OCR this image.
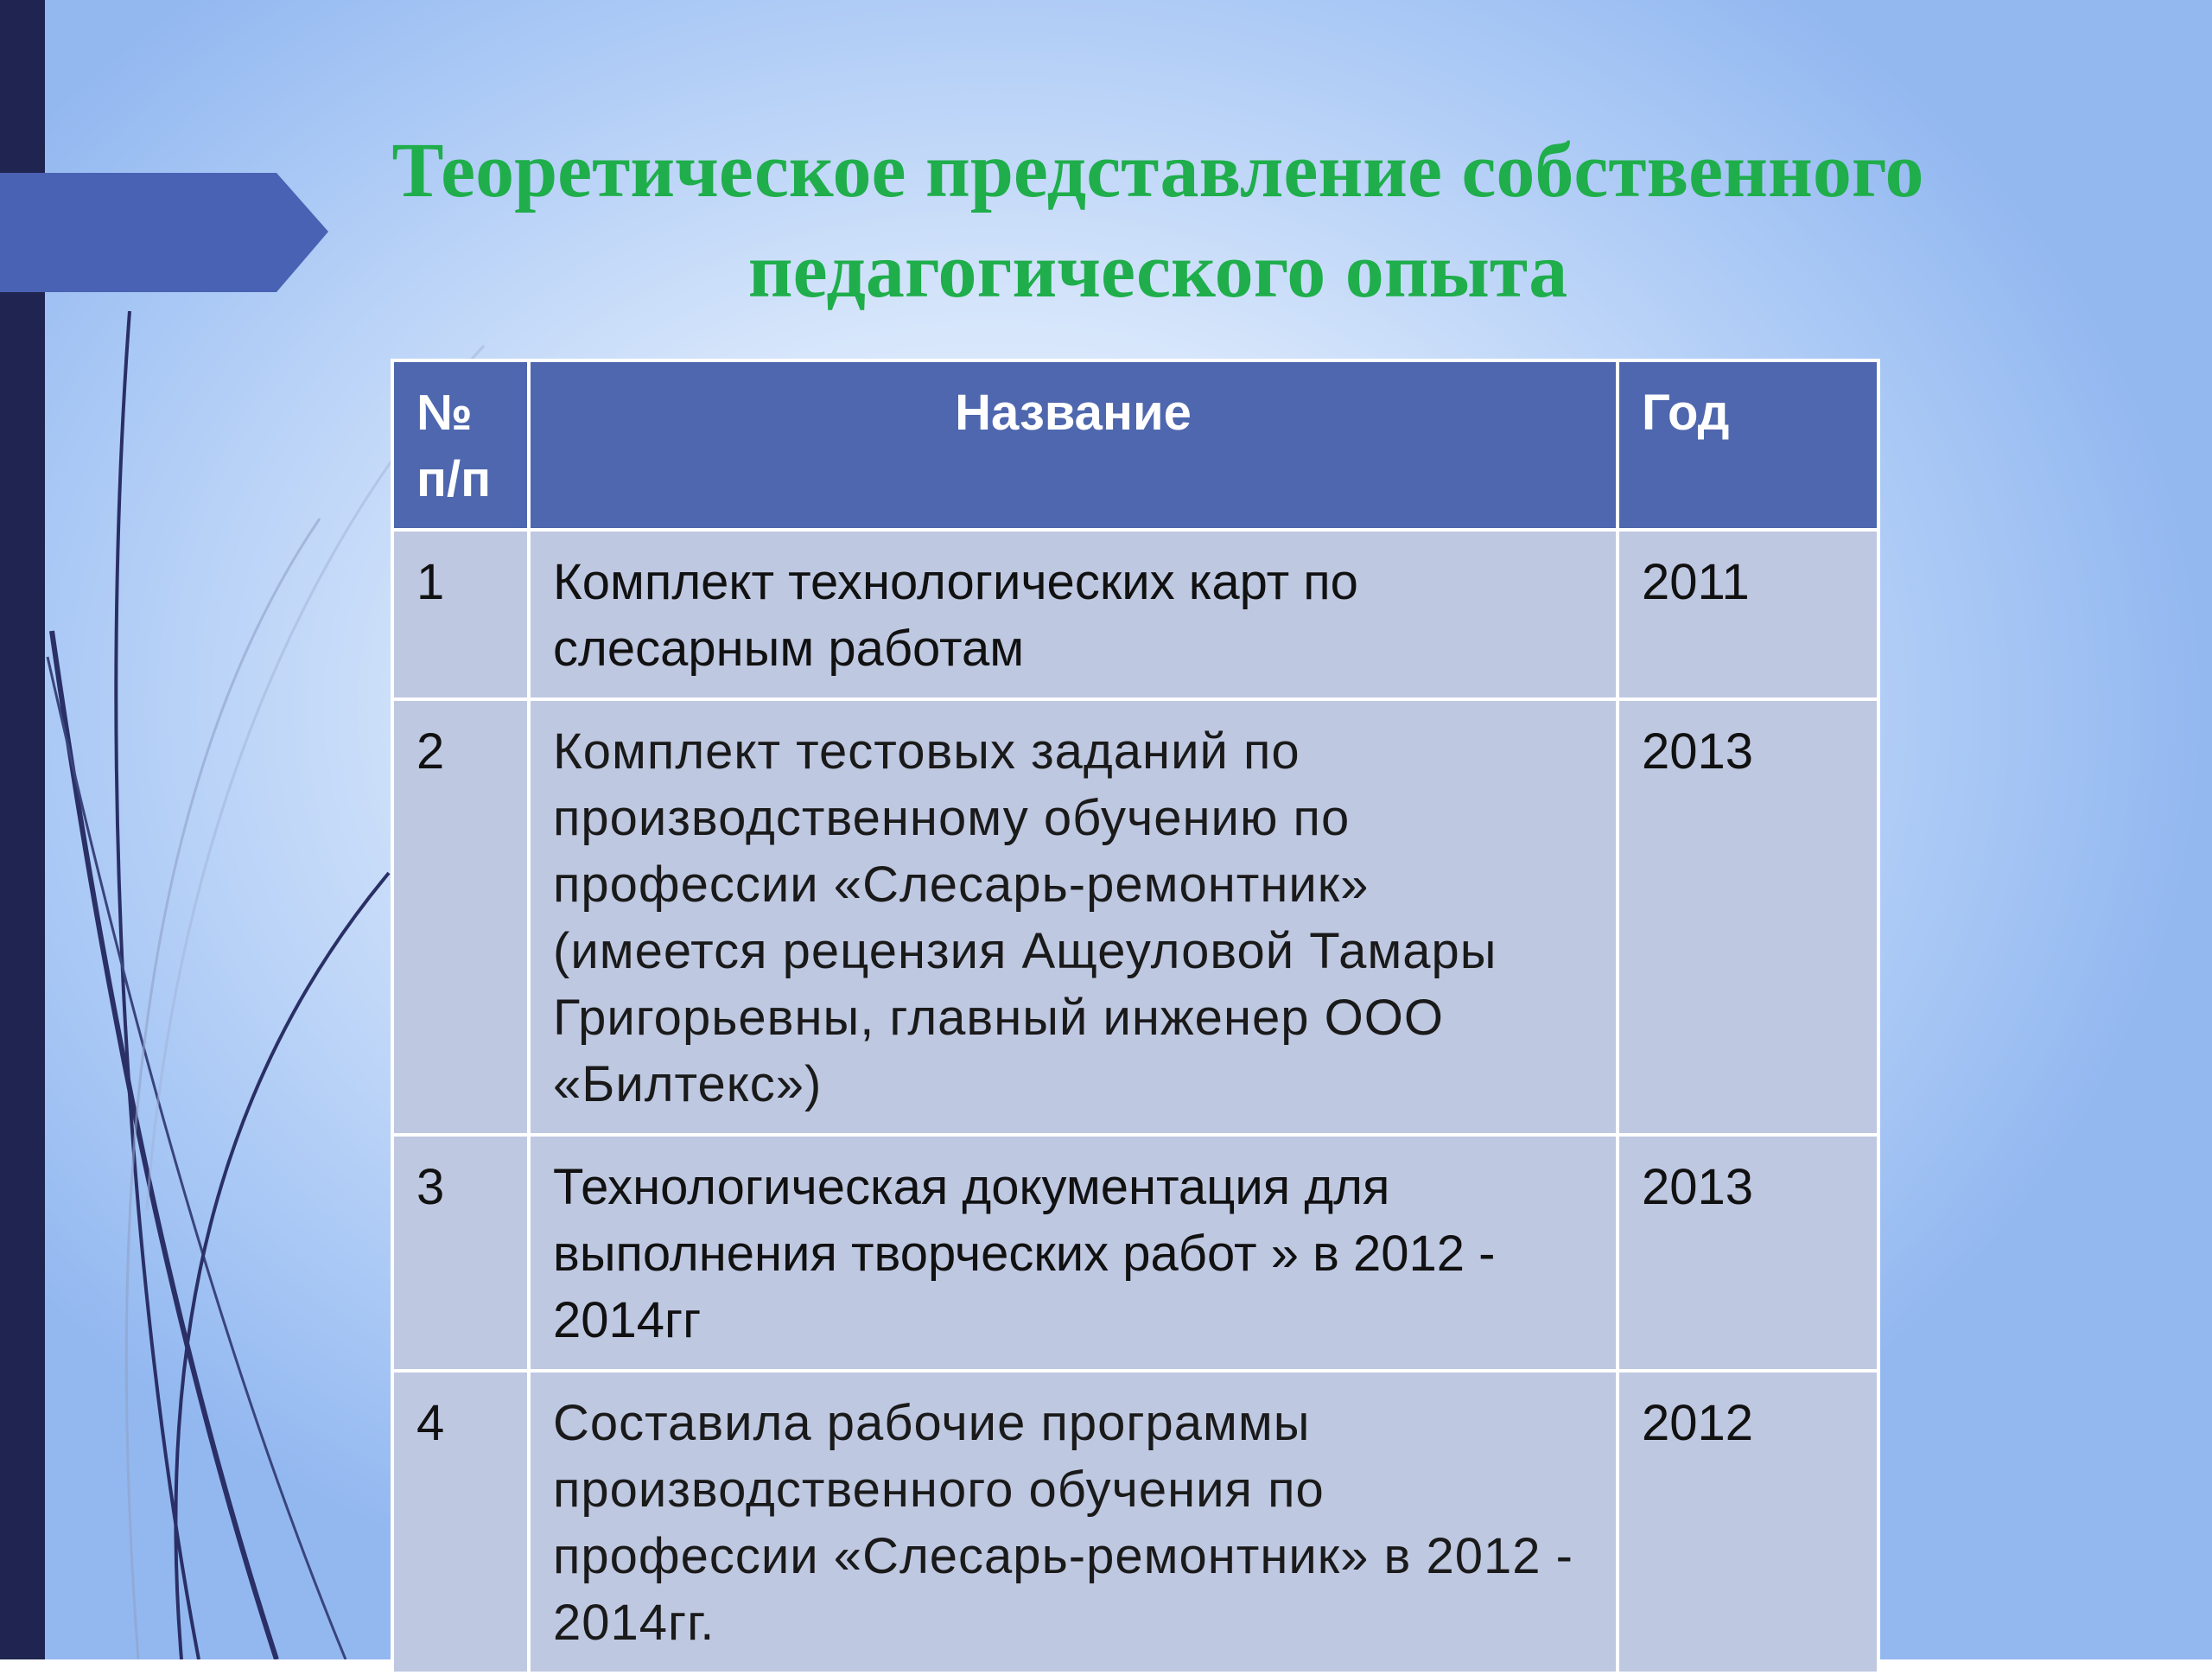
Теоретическое представление собственного
педагогического опыта
№ п/п	Название	Год
1	Комплект технологических карт по слесарным работам	2011
2	Комплект тестовых заданий по производственному обучению по профессии «Слесарь-ремонтник» (имеется рецензия Ащеуловой Тамары Григорьевны, главный инженер ООО «Билтекс»)	2013
3	Технологическая документация для выполнения творческих работ » в 2012 - 2014гг	2013
4	Составила рабочие программы производственного обучения по профессии «Слесарь-ремонтник» в 2012 - 2014гг.	2012
